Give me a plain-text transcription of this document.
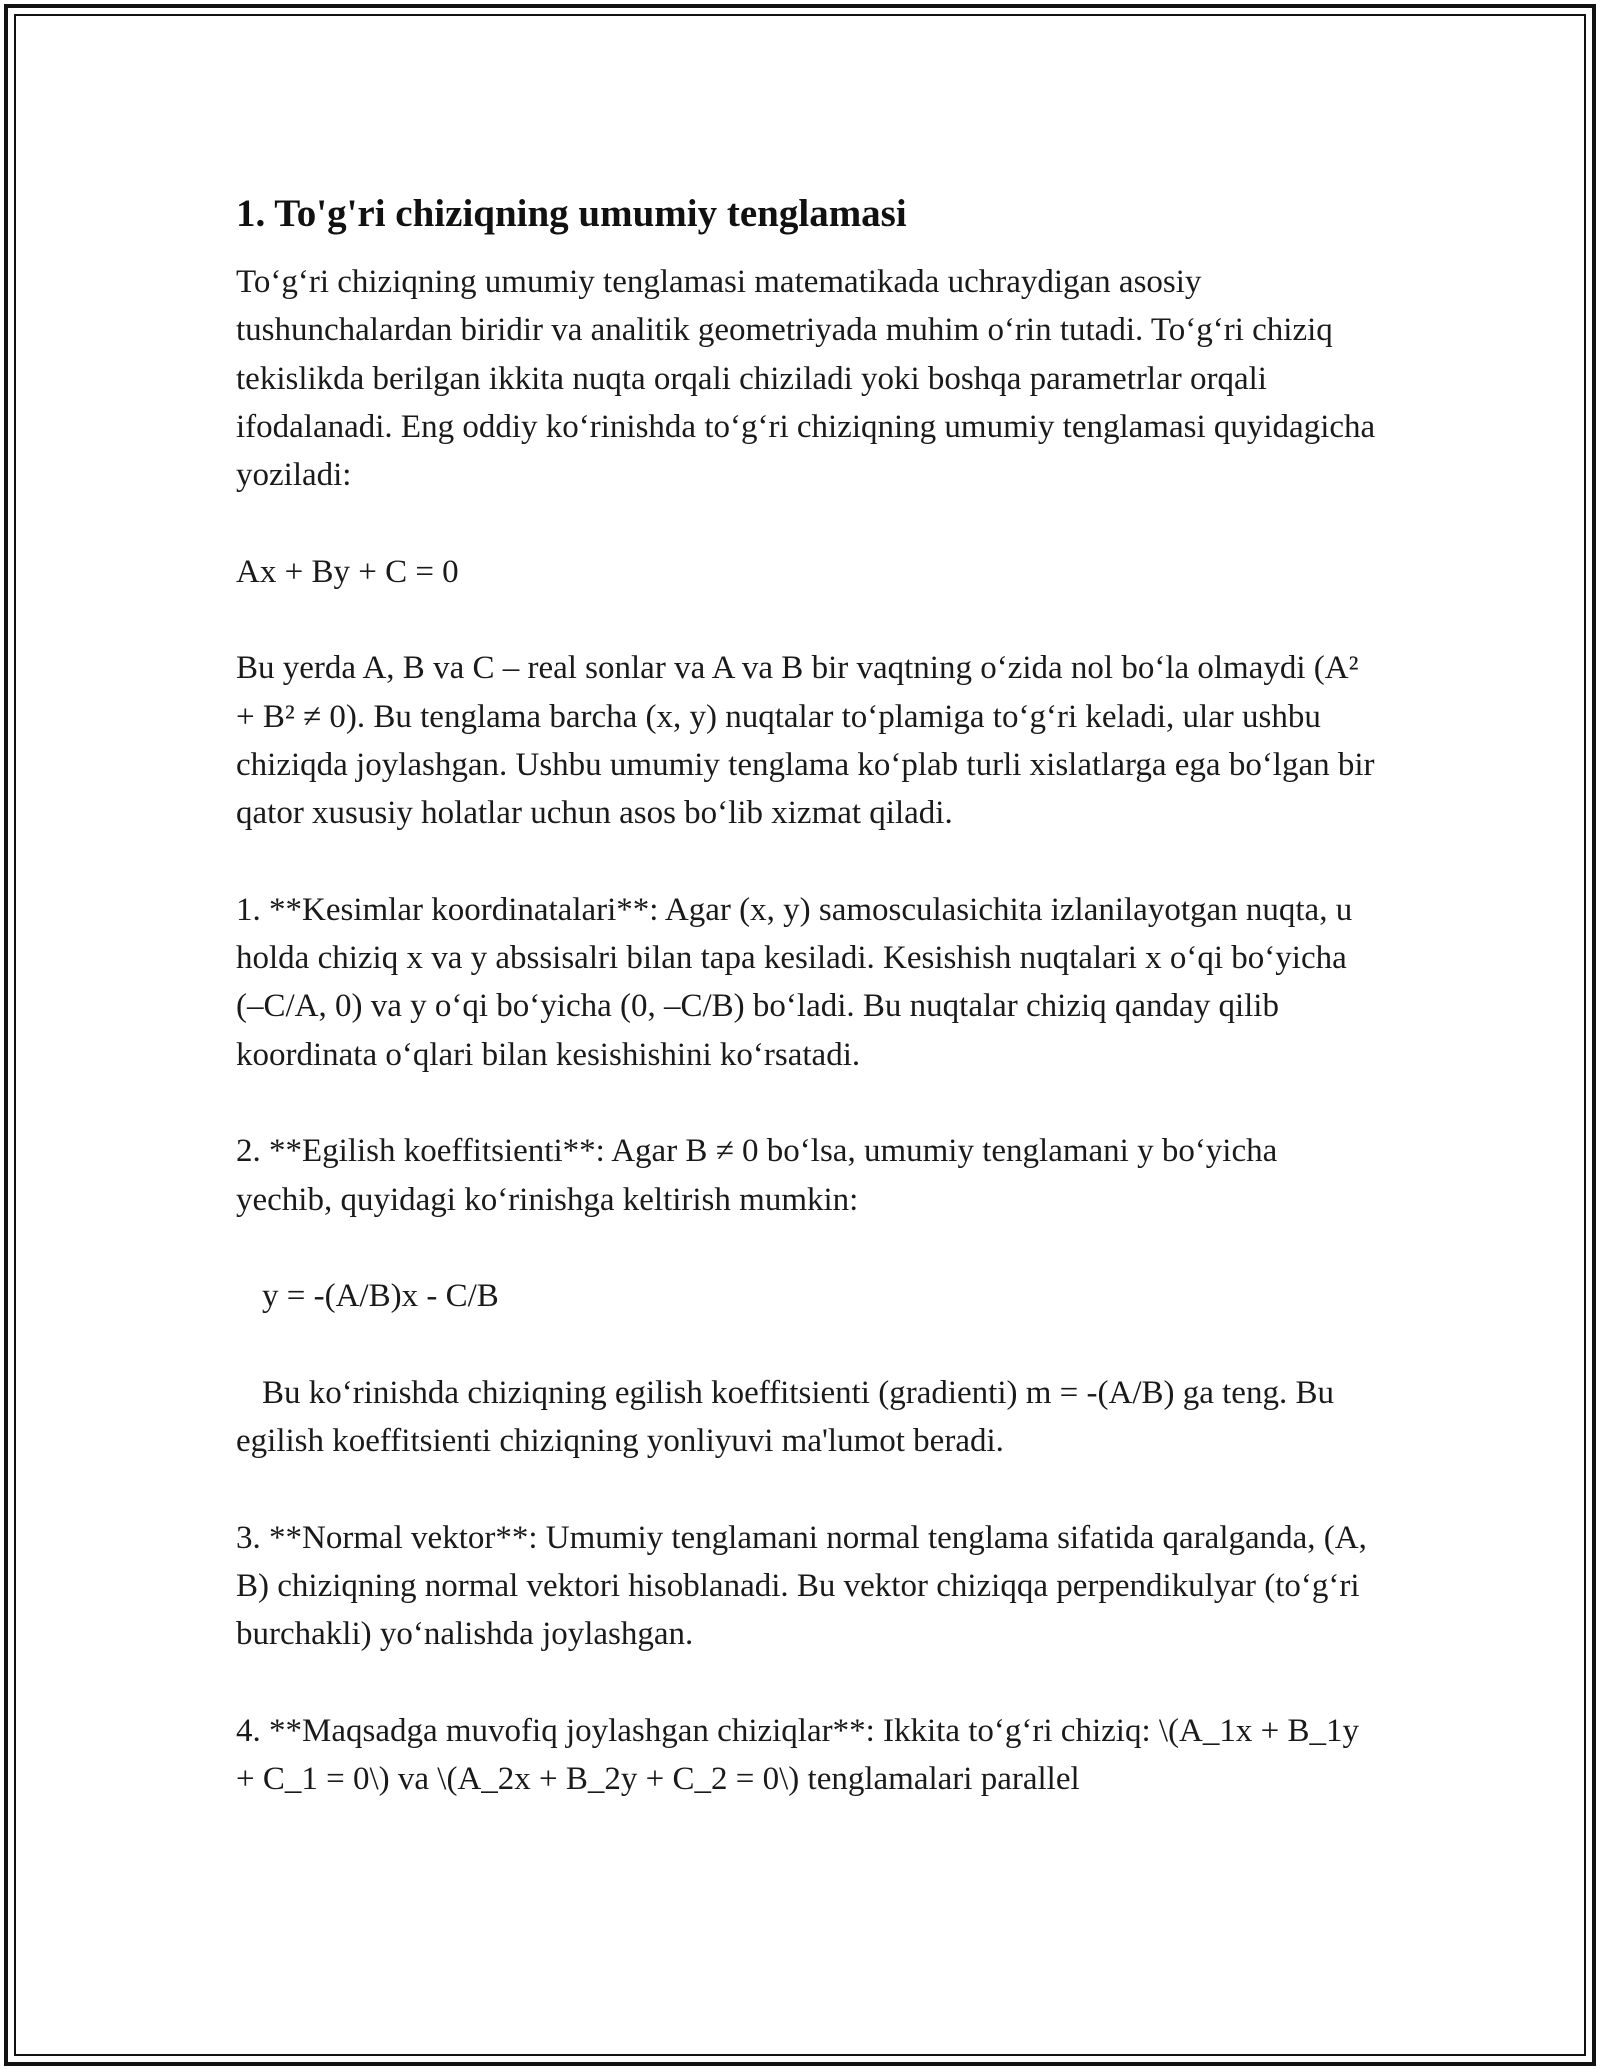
1. To'g'ri chiziqning umumiy tenglamasi

To‘g‘ri chiziqning umumiy tenglamasi matematikada uchraydigan asosiy tushunchalardan biridir va analitik geometriyada muhim o‘rin tutadi. To‘g‘ri chiziq tekislikda berilgan ikkita nuqta orqali chiziladi yoki boshqa parametrlar orqali ifodalanadi. Eng oddiy ko‘rinishda to‘g‘ri chiziqning umumiy tenglamasi quyidagicha yoziladi:

Ax + By + C = 0

Bu yerda A, B va C – real sonlar va A va B bir vaqtning o‘zida nol bo‘la olmaydi (A² + B² ≠ 0). Bu tenglama barcha (x, y) nuqtalar to‘plamiga to‘g‘ri keladi, ular ushbu chiziqda joylashgan. Ushbu umumiy tenglama ko‘plab turli xislatlarga ega bo‘lgan bir qator xususiy holatlar uchun asos bo‘lib xizmat qiladi.

1. **Kesimlar koordinatalari**: Agar (x, y) samosculasichita izlanilayotgan nuqta, u holda chiziq x va y abssisalri bilan tapa kesiladi. Kesishish nuqtalari x o‘qi bo‘yicha (–C/A, 0) va y o‘qi bo‘yicha (0, –C/B) bo‘ladi. Bu nuqtalar chiziq qanday qilib koordinata o‘qlari bilan kesishishini ko‘rsatadi.

2. **Egilish koeffitsienti**: Agar B ≠ 0 bo‘lsa, umumiy tenglamani y bo‘yicha yechib, quyidagi ko‘rinishga keltirish mumkin:

y = -(A/B)x - C/B

Bu ko‘rinishda chiziqning egilish koeffitsienti (gradienti) m = -(A/B) ga teng. Bu egilish koeffitsienti chiziqning yonliyuvi ma'lumot beradi.

3. **Normal vektor**: Umumiy tenglamani normal tenglama sifatida qaralganda, (A, B) chiziqning normal vektori hisoblanadi. Bu vektor chiziqqa perpendikulyar (to‘g‘ri burchakli) yo‘nalishda joylashgan.

4. **Maqsadga muvofiq joylashgan chiziqlar**: Ikkita to‘g‘ri chiziq: \(A_1x + B_1y + C_1 = 0\) va \(A_2x + B_2y + C_2 = 0\) tenglamalari parallel
